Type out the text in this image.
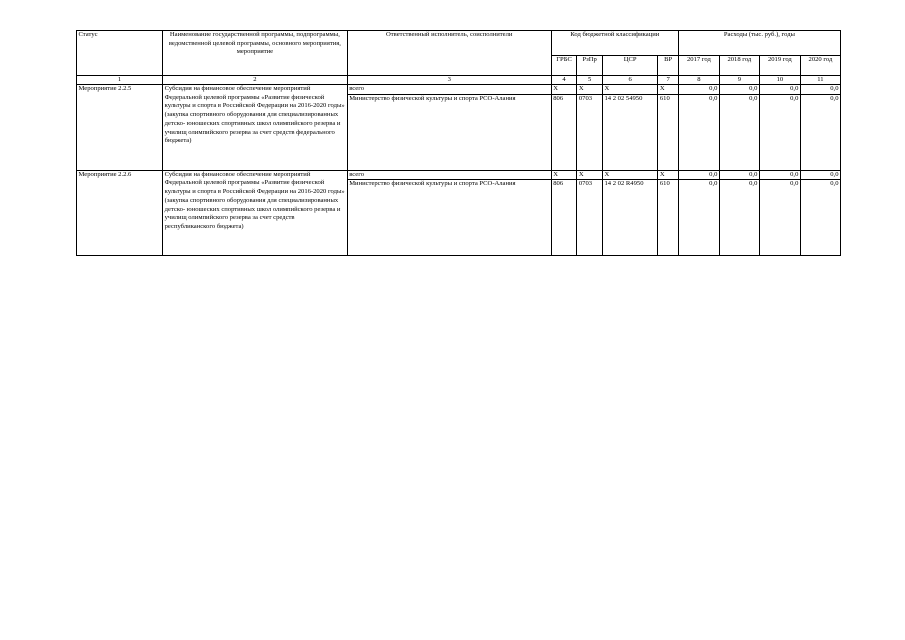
Статус	Наименование государственной программы, подпрограммы, ведомственной целевой программы, основного мероприятия, мероприятие	Ответственный исполнитель, соисполнители	Код бюджетной классификации				Расходы (тыс. руб.), годы			
			ГРБС	РзПр	ЦСР	ВР	2017 год	2018 год	2019 год	2020 год
1	2	3	4	5	6	7	8	9	10	11
Мероприятие 2.2.5	Субсидия на финансовое обеспечение мероприятий Федеральной целевой программы «Развитие физической культуры и спорта в Российской Федерации на 2016-2020 годы» (закупка спортивного оборудования для специализированных детско- юношеских спортивных школ олимпийского резерва и училищ олимпийского резерва за счет средств федерального бюджета)	всего	X	X	X	X	0,0	0,0	0,0	0,0
		Министерство физической культуры и спорта РСО-Алания	806	0703	14 2 02 54950	610	0,0	0,0	0,0	0,0
Мероприятие 2.2.6	Субсидия на финансовое обеспечение мероприятий Федеральной целевой программы «Развитие физической культуры и спорта в Российской Федерации на 2016-2020 годы» (закупка спортивного оборудования для специализированных детско- юношеских спортивных школ олимпийского резерва и училищ олимпийского резерва за счет средств республиканского бюджета)	всего	X	X	X	X	0,0	0,0	0,0	0,0
		Министерство физической культуры и спорта РСО-Алания	806	0703	14 2 02 R4950	610	0,0	0,0	0,0	0,0
